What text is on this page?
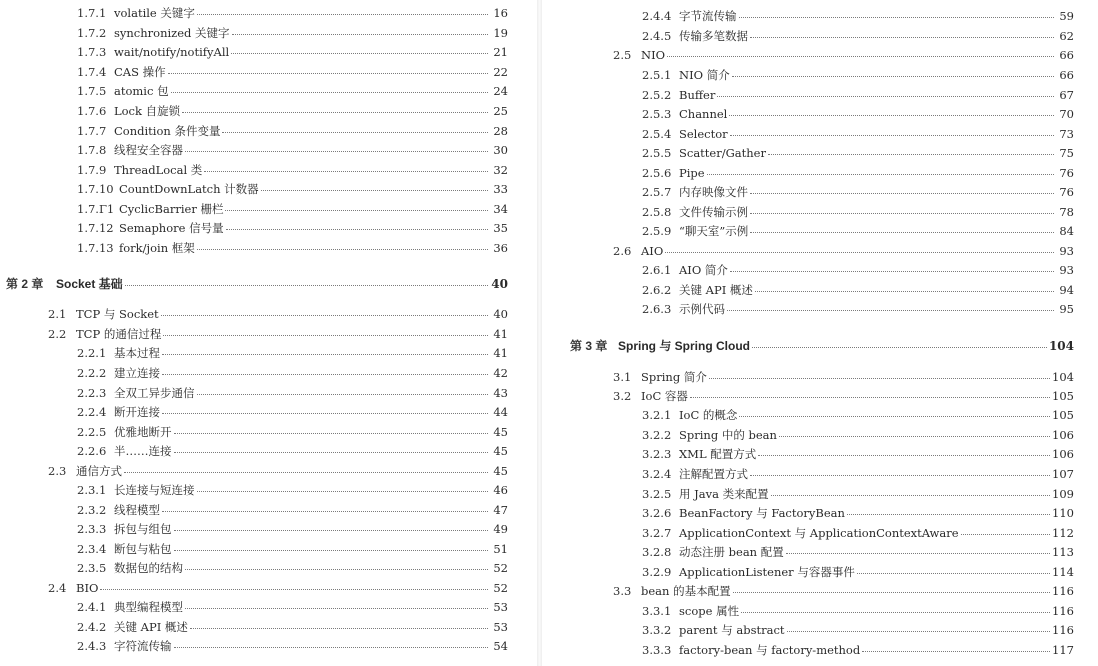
1.7.1 volatile 关键字	16
1.7.2 synchronized 关键字	19
1.7.3 wait/notify/notifyAll	21
1.7.4 CAS 操作	22
1.7.5 atomic 包	24
1.7.6 Lock 自旋锁	25
1.7.7 Condition 条件变量	28
1.7.8 线程安全容器	30
1.7.9 ThreadLocal 类	32
1.7.10 CountDownLatch 计数器	33
1.7.Γ1 CyclicBarrier 栅栏	34
1.7.12 Semaphore 信号量	35
1.7.13 fork/join 框架	36
第 2 章	Socket 基础	40
2.1 TCP 与 Socket	40
2.2 TCP 的通信过程	41
2.2.1 基本过程	41
2.2.2 建立连接	42
2.2.3 全双工异步通信	43
2.2.4 断开连接	44
2.2.5 优雅地断开	45
2.2.6 半……连接	45
2.3 通信方式	45
2.3.1 长连接与短连接	46
2.3.2 线程模型	47
2.3.3 拆包与组包	49
2.3.4 断包与粘包	51
2.3.5 数据包的结构	52
2.4 BIO	52
2.4.1 典型编程模型	53
2.4.2 关键 API 概述	53
2.4.3 字符流传输	54
2.4.4 字节流传输	59
2.4.5 传输多笔数据	62
2.5 NIO	66
2.5.1 NIO 简介	66
2.5.2 Buffer	67
2.5.3 Channel	70
2.5.4 Selector	73
2.5.5 Scatter/Gather	75
2.5.6 Pipe	76
2.5.7 内存映像文件	76
2.5.8 文件传输示例	78
2.5.9 “聊天室”示例	84
2.6 AIO	93
2.6.1 AIO 简介	93
2.6.2 关键 API 概述	94
2.6.3 示例代码	95
第 3 章 Spring 与 Spring Cloud	104
3.1 Spring 简介	104
3.2 IoC 容器	105
3.2.1 IoC 的概念	105
3.2.2 Spring 中的 bean	106
3.2.3 XML 配置方式	106
3.2.4 注解配置方式	107
3.2.5 用 Java 类来配置	109
3.2.6 BeanFactory 与 FactoryBean	110
3.2.7 ApplicationContext 与 ApplicationContextAware	112
3.2.8 动态注册 bean 配置	113
3.2.9 ApplicationListener 与容器事件	114
3.3 bean 的基本配置	116
3.3.1 scope 属性	116
3.3.2 parent 与 abstract	116
3.3.3 factory-bean 与 factory-method	117
